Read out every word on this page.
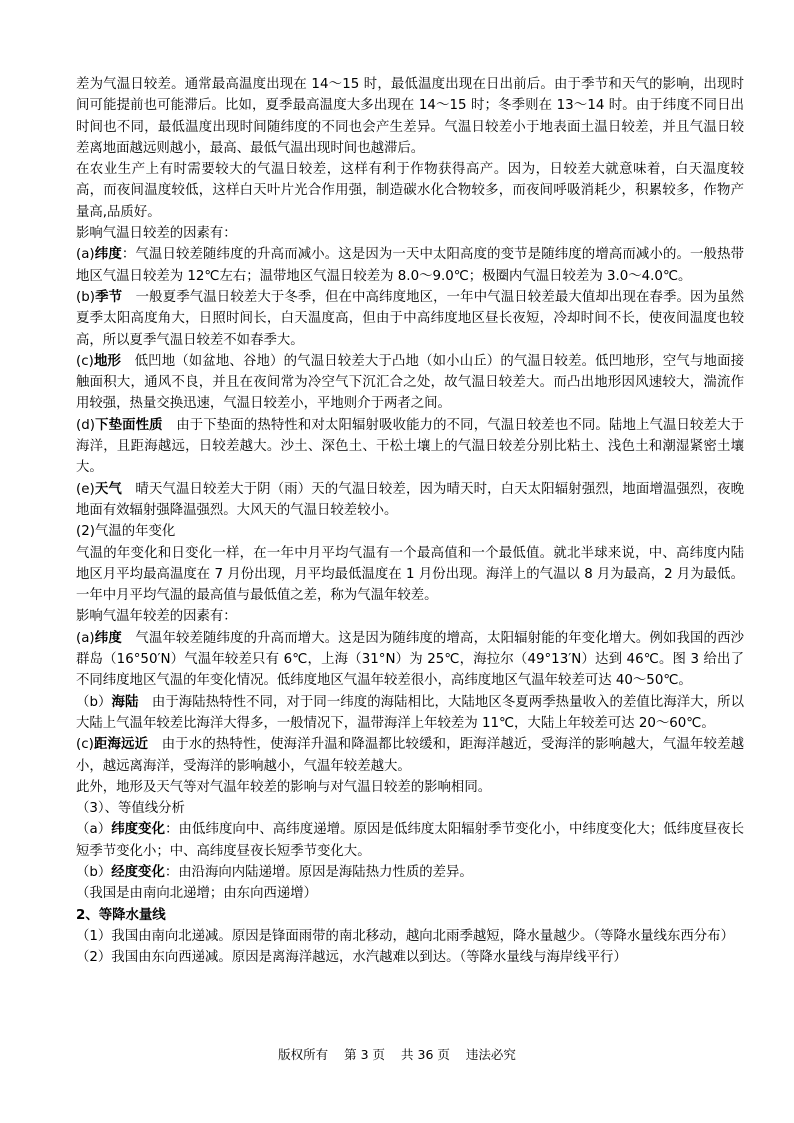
差为气温日较差。通常最高温度出现在 14～15 时，最低温度出现在日出前后。由于季节和天气的影响，出现时间可能提前也可能滞后。比如，夏季最高温度大多出现在 14～15 时；冬季则在 13～14 时。由于纬度不同日出时间也不同，最低温度出现时间随纬度的不同也会产生差异。气温日较差小于地表面土温日较差，并且气温日较差离地面越远则越小，最高、最低气温出现时间也越滞后。

在农业生产上有时需要较大的气温日较差，这样有利于作物获得高产。因为，日较差大就意味着，白天温度较高，而夜间温度较低，这样白天叶片光合作用强，制造碳水化合物较多，而夜间呼吸消耗少，积累较多，作物产量高,品质好。

影响气温日较差的因素有：

(a)纬度：气温日较差随纬度的升高而减小。这是因为一天中太阳高度的变节是随纬度的增高而减小的。一般热带地区气温日较差为 12℃左右；温带地区气温日较差为 8.0～9.0℃；极圈内气温日较差为 3.0～4.0℃。

(b)季节　一般夏季气温日较差大于冬季，但在中高纬度地区，一年中气温日较差最大值却出现在春季。因为虽然夏季太阳高度角大，日照时间长，白天温度高，但由于中高纬度地区昼长夜短，冷却时间不长，使夜间温度也较高，所以夏季气温日较差不如春季大。

(c)地形　低凹地（如盆地、谷地）的气温日较差大于凸地（如小山丘）的气温日较差。低凹地形，空气与地面接触面积大，通风不良，并且在夜间常为冷空气下沉汇合之处，故气温日较差大。而凸出地形因风速较大，湍流作用较强，热量交换迅速，气温日较差小，平地则介于两者之间。

(d)下垫面性质　由于下垫面的热特性和对太阳辐射吸收能力的不同，气温日较差也不同。陆地上气温日较差大于海洋，且距海越远，日较差越大。沙土、深色土、干松土壤上的气温日较差分别比粘土、浅色土和潮湿紧密土壤大。

(e)天气　晴天气温日较差大于阴（雨）天的气温日较差，因为晴天时，白天太阳辐射强烈，地面增温强烈，夜晚地面有效辐射强降温强烈。大风天的气温日较差较小。

(2)气温的年变化

气温的年变化和日变化一样，在一年中月平均气温有一个最高值和一个最低值。就北半球来说，中、高纬度内陆地区月平均最高温度在 7 月份出现，月平均最低温度在 1 月份出现。海洋上的气温以 8 月为最高，2 月为最低。一年中月平均气温的最高值与最低值之差，称为气温年较差。

影响气温年较差的因素有：

(a)纬度　气温年较差随纬度的升高而增大。这是因为随纬度的增高，太阳辐射能的年变化增大。例如我国的西沙群岛（16°50′N）气温年较差只有 6℃，上海（31°N）为 25℃，海拉尔（49°13′N）达到 46℃。图 3 给出了不同纬度地区气温的年变化情况。低纬度地区气温年较差很小，高纬度地区气温年较差可达 40～50℃。

（b）海陆　由于海陆热特性不同，对于同一纬度的海陆相比，大陆地区冬夏两季热量收入的差值比海洋大，所以大陆上气温年较差比海洋大得多，一般情况下，温带海洋上年较差为 11℃，大陆上年较差可达 20～60℃。

(c)距海远近　由于水的热特性，使海洋升温和降温都比较缓和，距海洋越近，受海洋的影响越大，气温年较差越小，越远离海洋，受海洋的影响越小，气温年较差越大。

此外，地形及天气等对气温年较差的影响与对气温日较差的影响相同。

（3）、等值线分析

（a）纬度变化：由低纬度向中、高纬度递增。原因是低纬度太阳辐射季节变化小，中纬度变化大；低纬度昼夜长短季节变化小；中、高纬度昼夜长短季节变化大。

（b）经度变化：由沿海向内陆递增。原因是海陆热力性质的差异。

（我国是由南向北递增；由东向西递增）

2、等降水量线

（1）我国由南向北递减。原因是锋面雨带的南北移动，越向北雨季越短，降水量越少。（等降水量线东西分布）

（2）我国由东向西递减。原因是离海洋越远，水汽越难以到达。（等降水量线与海岸线平行）

版权所有 第 3 页 共 36 页 违法必究
